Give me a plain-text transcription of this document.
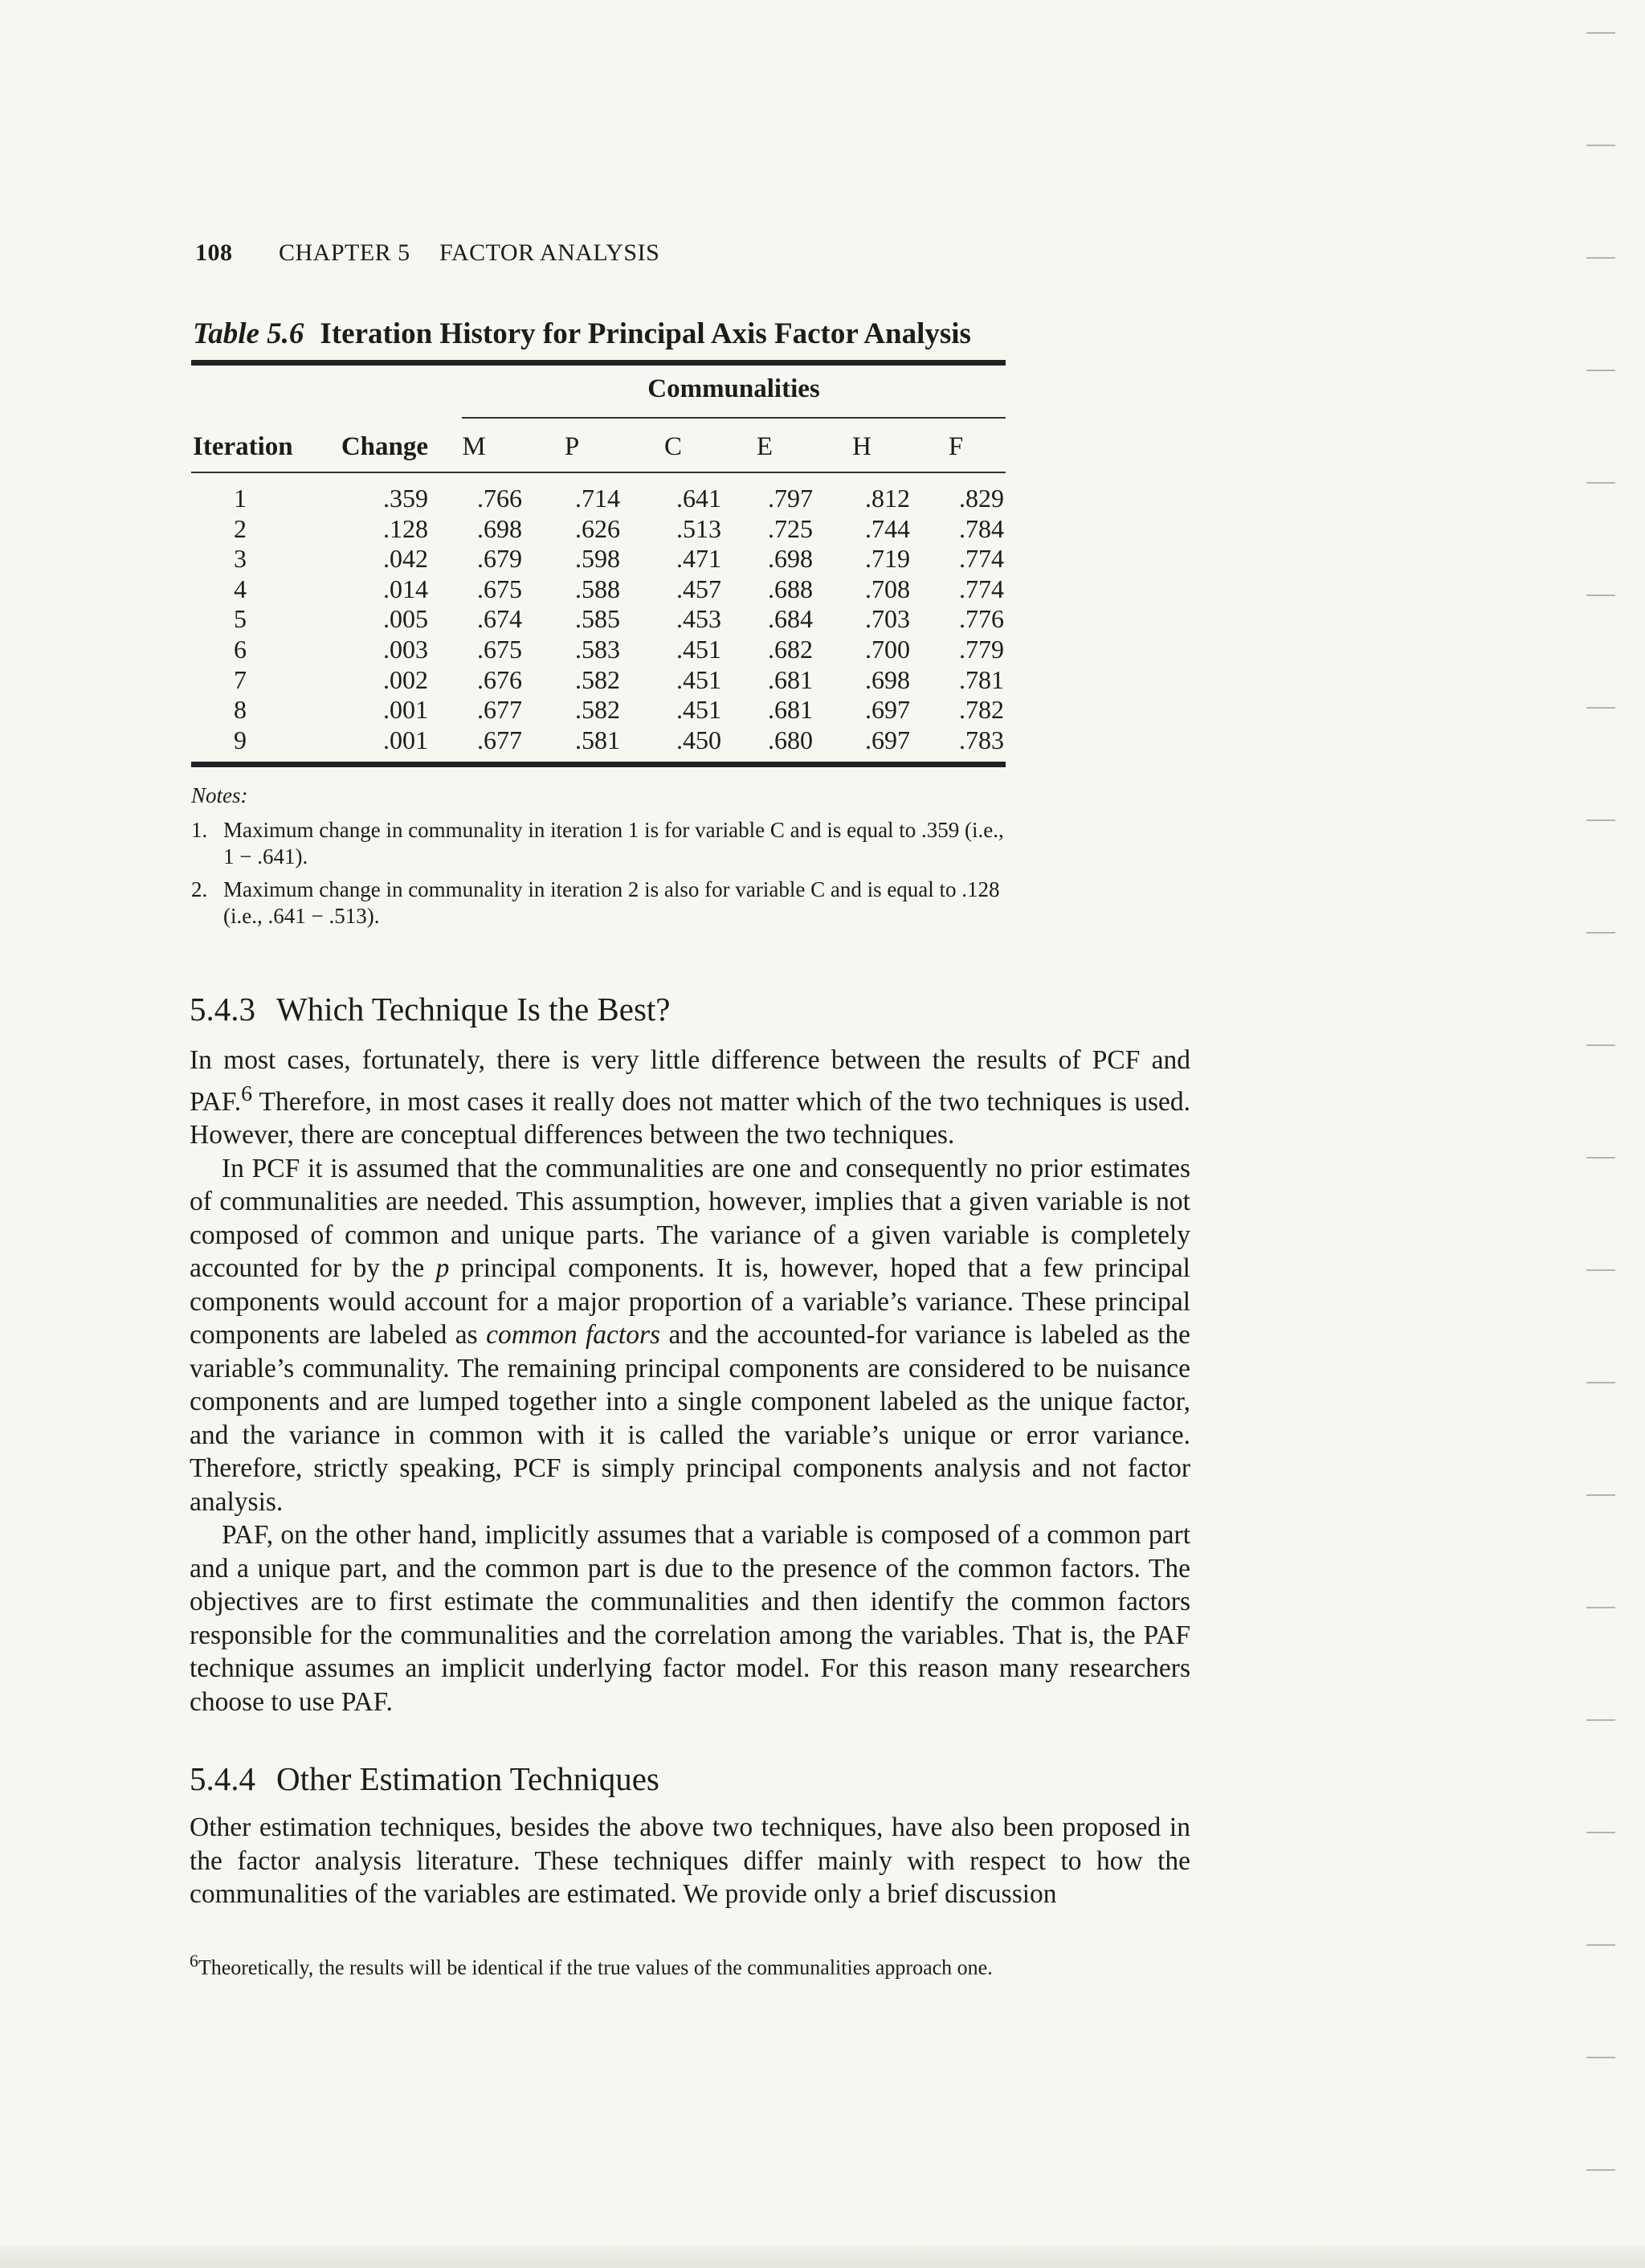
108 CHAPTER 5 FACTOR ANALYSIS
Table 5.6 Iteration History for Principal Axis Factor Analysis
Communalities
Iteration	Change	M	P	C	E	H	F
1	.359	.766	.714	.641	.797	.812	.829
2	.128	.698	.626	.513	.725	.744	.784
3	.042	.679	.598	.471	.698	.719	.774
4	.014	.675	.588	.457	.688	.708	.774
5	.005	.674	.585	.453	.684	.703	.776
6	.003	.675	.583	.451	.682	.700	.779
7	.002	.676	.582	.451	.681	.698	.781
8	.001	.677	.582	.451	.681	.697	.782
9	.001	.677	.581	.450	.680	.697	.783
Notes:
1. Maximum change in communality in iteration 1 is for variable C and is equal to .359 (i.e., 1 − .641).
2. Maximum change in communality in iteration 2 is also for variable C and is equal to .128 (i.e., .641 − .513).
5.4.3 Which Technique Is the Best?

In most cases, fortunately, there is very little difference between the results of PCF and PAF.$^6$ Therefore, in most cases it really does not matter which of the two techniques is used. However, there are conceptual differences between the two techniques.

In PCF it is assumed that the communalities are one and consequently no prior estimates of communalities are needed. This assumption, however, implies that a given variable is not composed of common and unique parts. The variance of a given variable is completely accounted for by the p principal components. It is, however, hoped that a few principal components would account for a major proportion of a variable’s variance. These principal components are labeled as common factors and the accounted-for variance is labeled as the variable’s communality. The remaining principal components are considered to be nuisance components and are lumped together into a single component labeled as the unique factor, and the variance in common with it is called the variable’s unique or error variance. Therefore, strictly speaking, PCF is simply principal components analysis and not factor analysis.

PAF, on the other hand, implicitly assumes that a variable is composed of a common part and a unique part, and the common part is due to the presence of the common factors. The objectives are to first estimate the communalities and then identify the common factors responsible for the communalities and the correlation among the variables. That is, the PAF technique assumes an implicit underlying factor model. For this reason many researchers choose to use PAF.

5.4.4 Other Estimation Techniques

Other estimation techniques, besides the above two techniques, have also been proposed in the factor analysis literature. These techniques differ mainly with respect to how the communalities of the variables are estimated. We provide only a brief discussion

$^6$Theoretically, the results will be identical if the true values of the communalities approach one.
